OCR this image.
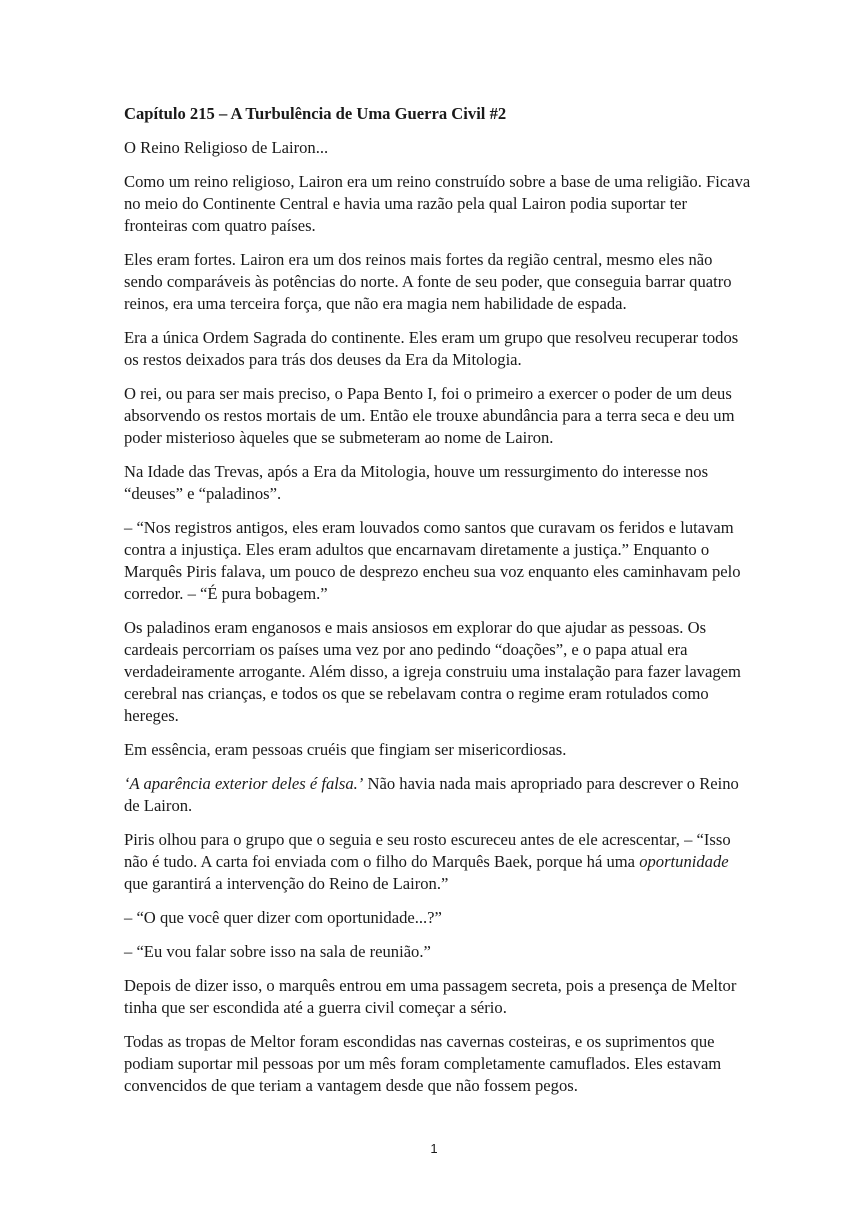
Capítulo 215 – A Turbulência de Uma Guerra Civil #2

O Reino Religioso de Lairon...

Como um reino religioso, Lairon era um reino construído sobre a base de uma religião. Ficava no meio do Continente Central e havia uma razão pela qual Lairon podia suportar ter fronteiras com quatro países.

Eles eram fortes. Lairon era um dos reinos mais fortes da região central, mesmo eles não sendo comparáveis às potências do norte. A fonte de seu poder, que conseguia barrar quatro reinos, era uma terceira força, que não era magia nem habilidade de espada.

Era a única Ordem Sagrada do continente. Eles eram um grupo que resolveu recuperar todos os restos deixados para trás dos deuses da Era da Mitologia.

O rei, ou para ser mais preciso, o Papa Bento I, foi o primeiro a exercer o poder de um deus absorvendo os restos mortais de um. Então ele trouxe abundância para a terra seca e deu um poder misterioso àqueles que se submeteram ao nome de Lairon.

Na Idade das Trevas, após a Era da Mitologia, houve um ressurgimento do interesse nos “deuses” e “paladinos”.

– “Nos registros antigos, eles eram louvados como santos que curavam os feridos e lutavam contra a injustiça. Eles eram adultos que encarnavam diretamente a justiça.” Enquanto o Marquês Piris falava, um pouco de desprezo encheu sua voz enquanto eles caminhavam pelo corredor. – “É pura bobagem.”

Os paladinos eram enganosos e mais ansiosos em explorar do que ajudar as pessoas. Os cardeais percorriam os países uma vez por ano pedindo “doações”, e o papa atual era verdadeiramente arrogante. Além disso, a igreja construiu uma instalação para fazer lavagem cerebral nas crianças, e todos os que se rebelavam contra o regime eram rotulados como hereges.

Em essência, eram pessoas cruéis que fingiam ser misericordiosas.

‘A aparência exterior deles é falsa.’ Não havia nada mais apropriado para descrever o Reino de Lairon.

Piris olhou para o grupo que o seguia e seu rosto escureceu antes de ele acrescentar, – “Isso não é tudo. A carta foi enviada com o filho do Marquês Baek, porque há uma oportunidade que garantirá a intervenção do Reino de Lairon.”

– “O que você quer dizer com oportunidade...?”

– “Eu vou falar sobre isso na sala de reunião.”

Depois de dizer isso, o marquês entrou em uma passagem secreta, pois a presença de Meltor tinha que ser escondida até a guerra civil começar a sério.

Todas as tropas de Meltor foram escondidas nas cavernas costeiras, e os suprimentos que podiam suportar mil pessoas por um mês foram completamente camuflados. Eles estavam convencidos de que teriam a vantagem desde que não fossem pegos.

1
